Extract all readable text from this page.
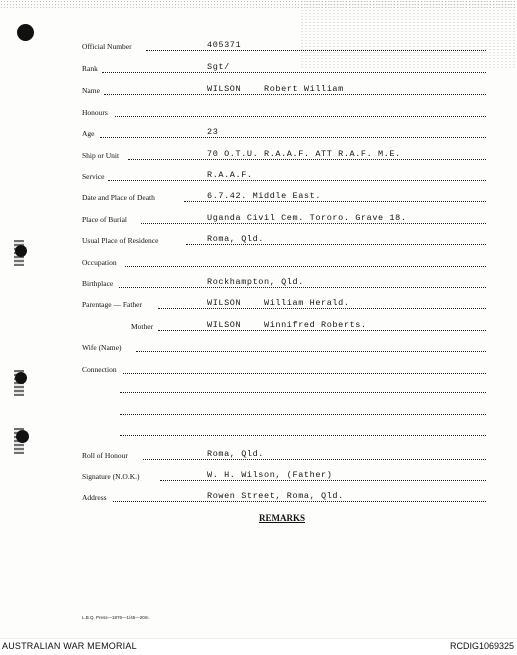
Official Number	405371
Rank	Sgt/
Name	WILSON    Robert William
Honours
Age	23
Ship or Unit	70 O.T.U. R.A.A.F. ATT R.A.F. M.E.
Service	R.A.A.F.
Date and Place of Death	6.7.42. Middle East.
Place of Burial	Uganda Civil Cem. Tororo. Grave 18.
Usual Place of Residence	Roma, Qld.
Occupation
Birthplace	Rockhampton, Qld.
Parentage — Father	WILSON    William Herald.
Mother	WILSON    Winnifred Roberts.
Wife (Name)
Connection
Roll of Honour	Roma, Qld.
Signature (N.O.K.)	W. H. Wilson, (Father)
Address	Rowen Street, Roma, Qld.
REMARKS
L.B.Q. Press—1976—1/45—20m.
AUSTRALIAN WAR MEMORIAL	RCDIG1069325
